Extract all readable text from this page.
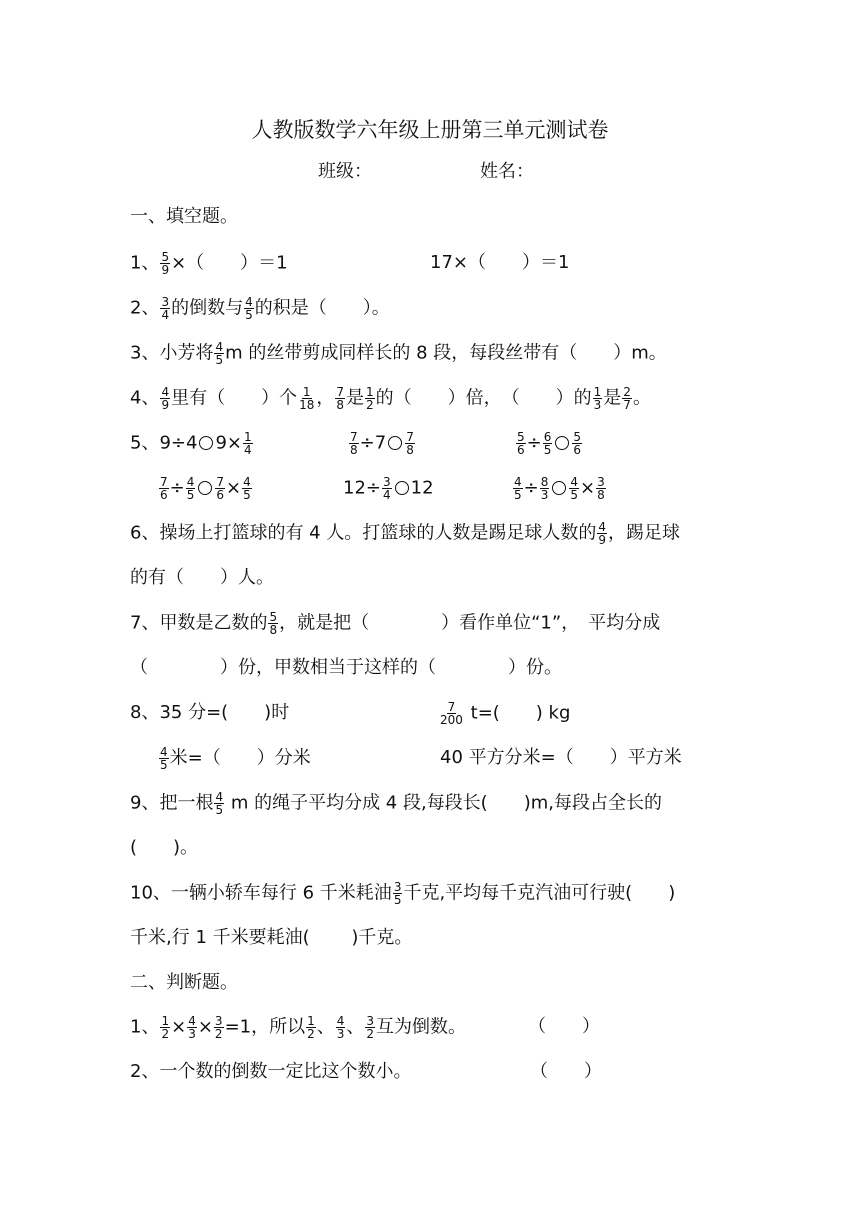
人教版数学六年级上册第三单元测试卷
班级：	姓名：
一、填空题。
1、 $\frac{5}{9}$ ×（　　）＝1	17×（　　）＝1
2、 $\frac{3}{4}$ 的倒数与 $\frac{4}{5}$ 的积是（　　）。
3、小芳将 $\frac{4}{5}$ m 的丝带剪成同样长的 8 段，每段丝带有（　　）m。
4、 $\frac{4}{9}$ 里有（　　）个 $\frac{1}{18}$ ， $\frac{7}{8}$ 是 $\frac{1}{2}$ 的（　　）倍，　（　　）的 $\frac{1}{3}$ 是 $\frac{2}{7}$ 。
5、9÷4 $9\times \frac{1}{4}$	$\frac{7}{8} \div 7 \frac{7}{8}$	$\frac{5}{6} \div \frac{6}{5} \frac{5}{6}$
$\frac{7}{6} \div \frac{4}{5} \frac{7}{6} \times \frac{4}{5}$	$12\div \frac{3}{4} 12$	$\frac{4}{5} \div \frac{8}{3} \frac{4}{5} \times \frac{3}{8}$
6、操场上打篮球的有 4 人。打篮球的人数是踢足球人数的 $\frac{4}{9}$ ，踢足球
的有（　　）人。
7、甲数是乙数的 $\frac{5}{8}$ ，就是把（　　　　）看作单位“1”，　平均分成
（　　　　）份，甲数相当于这样的（　　　　）份。
8、35 分=(　　)时	$\frac{7}{200} t=$(　　) kg
$\frac{4}{5}$ 米=（　　）分米	40 平方分米=（　　）平方米
9、把一根 $\frac{4}{5}$ m 的绳子平均分成 4 段,每段长(　　)m,每段占全长的
(　　)。
10、一辆小轿车每行 6 千米耗油 $\frac{3}{5}$ 千克,平均每千克汽油可行驶(　　)
千米,行 1 千米要耗油(　　 )千克。
二、判断题。
1、 $\frac{1}{2} \times \frac{4}{3} \times \frac{3}{2} =1$，所以 $\frac{1}{2}$ 、 $\frac{4}{3}$ 、 $\frac{3}{2}$ 互为倒数。	（　　）
2、一个数的倒数一定比这个数小。	（　　）
